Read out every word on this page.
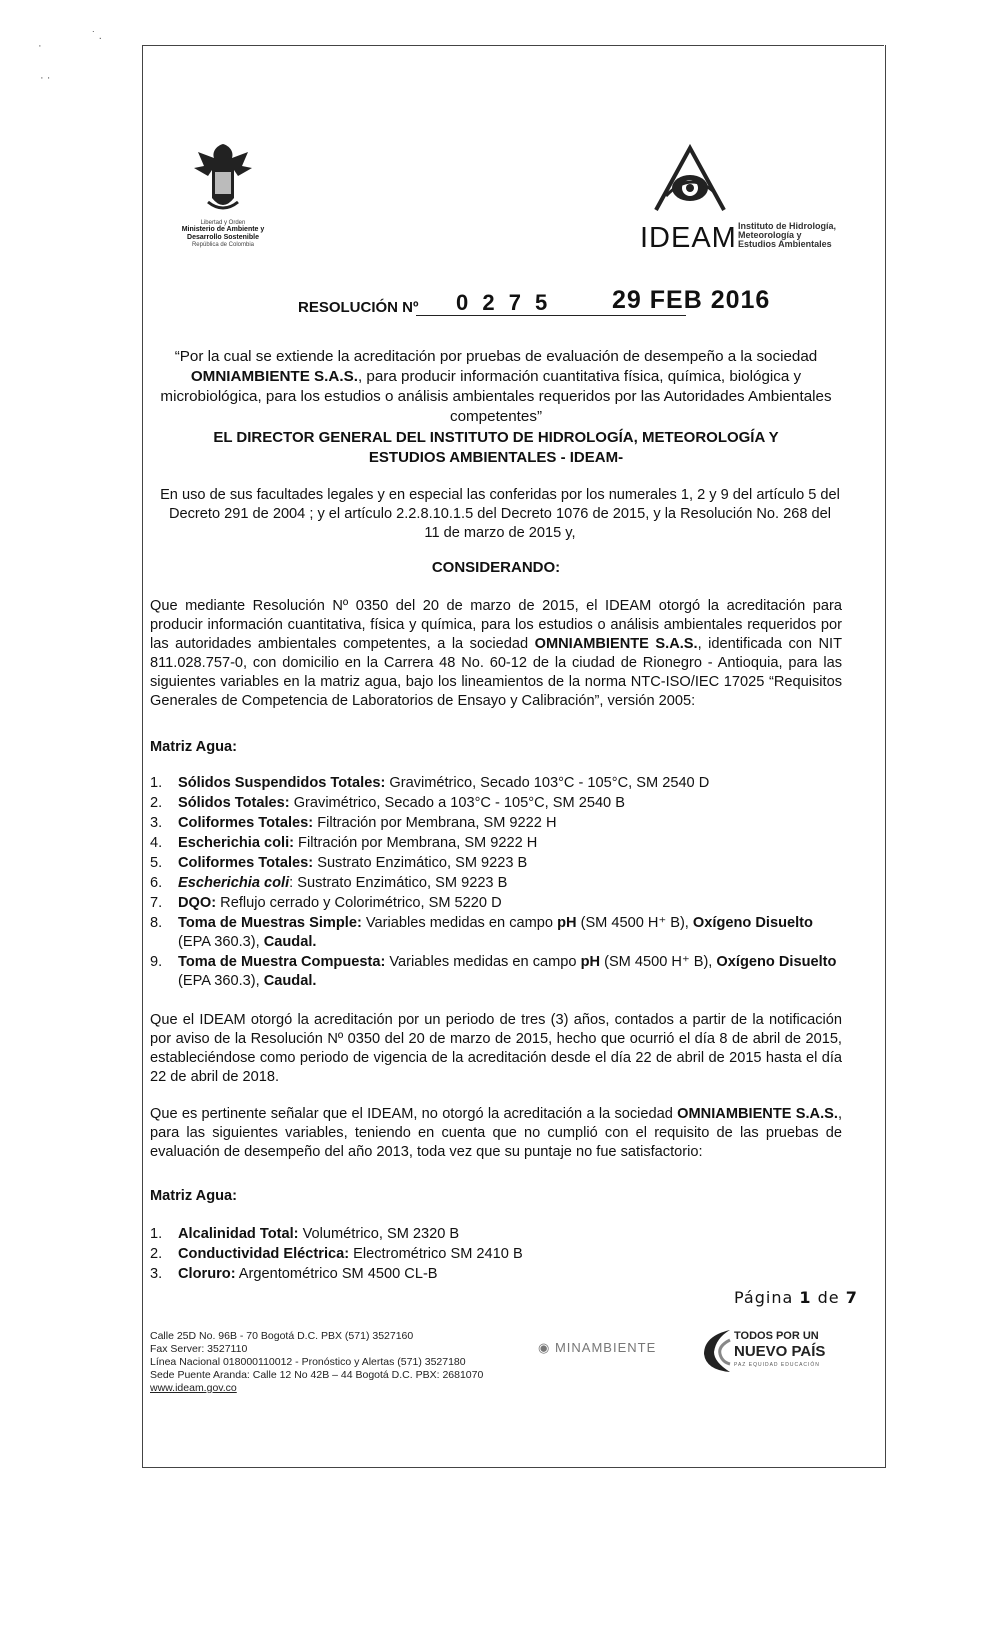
·
˙ .
· ·
Libertad y Orden
Ministerio de Ambiente y
Desarrollo Sostenible
República de Colombia	IDEAM Instituto de Hidrología,
Meteorología y
Estudios Ambientales
RESOLUCIÓN Nº 0 2 7 5 29 FEB 2016
“Por la cual se extiende la acreditación por pruebas de evaluación de desempeño a la sociedad
OMNIAMBIENTE S.A.S., para producir información cuantitativa física, química, biológica y microbiológica, para los estudios o análisis ambientales requeridos por las Autoridades Ambientales competentes”
EL DIRECTOR GENERAL DEL INSTITUTO DE HIDROLOGÍA, METEOROLOGÍA Y ESTUDIOS AMBIENTALES - IDEAM-
En uso de sus facultades legales y en especial las conferidas por los numerales 1, 2 y 9 del artículo 5 del Decreto 291 de 2004 ; y el artículo 2.2.8.10.1.5 del Decreto 1076 de 2015, y la Resolución No. 268 del 11 de marzo de 2015 y,
CONSIDERANDO:
Que mediante Resolución Nº 0350 del 20 de marzo de 2015, el IDEAM otorgó la acreditación para producir información cuantitativa, física y química, para los estudios o análisis ambientales requeridos por las autoridades ambientales competentes, a la sociedad OMNIAMBIENTE S.A.S., identificada con NIT 811.028.757-0, con domicilio en la Carrera 48 No. 60-12 de la ciudad de Rionegro - Antioquia, para las siguientes variables en la matriz agua, bajo los lineamientos de la norma NTC-ISO/IEC 17025 “Requisitos Generales de Competencia de Laboratorios de Ensayo y Calibración”, versión 2005:
Matriz Agua:
1. Sólidos Suspendidos Totales: Gravimétrico, Secado 103°C - 105°C, SM 2540 D
2. Sólidos Totales: Gravimétrico, Secado a 103°C - 105°C, SM 2540 B
3. Coliformes Totales: Filtración por Membrana, SM 9222 H
4. Escherichia coli: Filtración por Membrana, SM 9222 H
5. Coliformes Totales: Sustrato Enzimático, SM 9223 B
6. Escherichia coli: Sustrato Enzimático, SM 9223 B
7. DQO: Reflujo cerrado y Colorimétrico, SM 5220 D
8. Toma de Muestras Simple: Variables medidas en campo pH (SM 4500 H⁺ B), Oxígeno Disuelto (EPA 360.3), Caudal.
9. Toma de Muestra Compuesta: Variables medidas en campo pH (SM 4500 H⁺ B), Oxígeno Disuelto (EPA 360.3), Caudal.
Que el IDEAM otorgó la acreditación por un periodo de tres (3) años, contados a partir de la notificación por aviso de la Resolución Nº 0350 del 20 de marzo de 2015, hecho que ocurrió el día 8 de abril de 2015, estableciéndose como periodo de vigencia de la acreditación desde el día 22 de abril de 2015 hasta el día 22 de abril de 2018.
Que es pertinente señalar que el IDEAM, no otorgó la acreditación a la sociedad OMNIAMBIENTE S.A.S., para las siguientes variables, teniendo en cuenta que no cumplió con el requisito de las pruebas de evaluación de desempeño del año 2013, toda vez que su puntaje no fue satisfactorio:
Matriz Agua:
1. Alcalinidad Total: Volumétrico, SM 2320 B
2. Conductividad Eléctrica: Electrométrico SM 2410 B
3. Cloruro: Argentométrico SM 4500 CL-B
Página 1 de 7
Calle 25D No. 96B - 70 Bogotá D.C. PBX (571) 3527160
Fax Server: 3527110
Línea Nacional 018000110012 - Pronóstico y Alertas (571) 3527180
Sede Puente Aranda: Calle 12 No 42B – 44 Bogotá D.C. PBX: 2681070
www.ideam.gov.co
◉ MINAMBIENTE
TODOS POR UN
NUEVO PAÍS
PAZ EQUIDAD EDUCACIÓN
